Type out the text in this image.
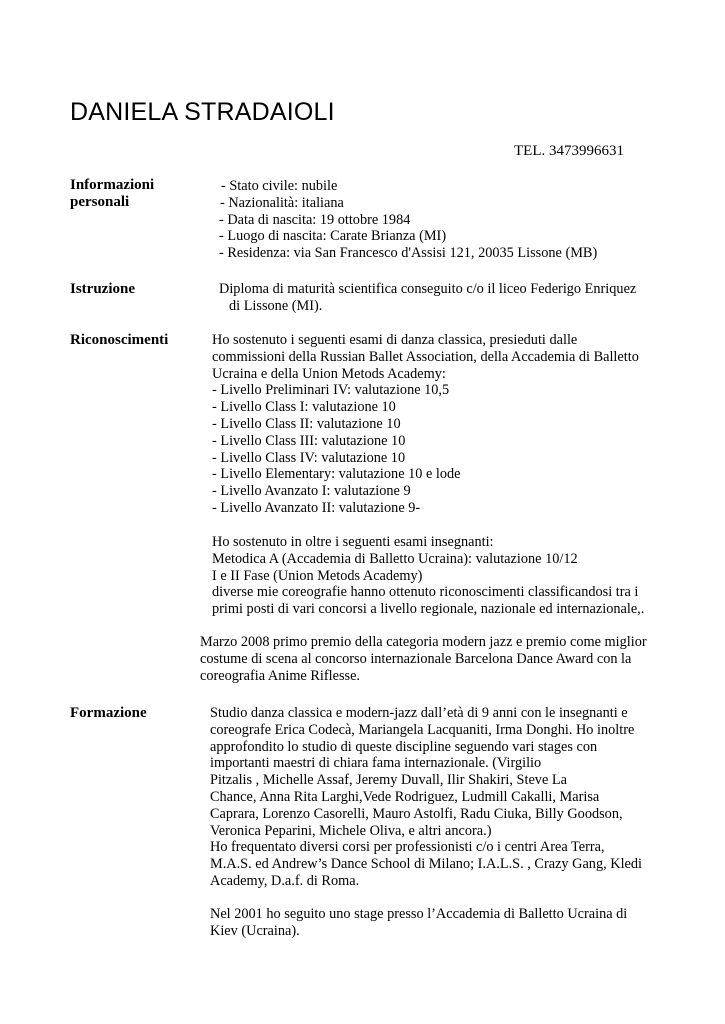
DANIELA STRADAIOLI
TEL. 3473996631
Informazioni
personali
- Stato civile: nubile
- Nazionalità: italiana
- Data di nascita: 19 ottobre 1984
- Luogo di nascita: Carate Brianza (MI)
- Residenza: via San Francesco d'Assisi 121, 20035 Lissone (MB)
Istruzione	Diploma di maturità scientifica conseguito c/o il liceo Federigo Enriquez
di Lissone (MI).
Riconoscimenti	Ho sostenuto i seguenti esami di danza classica, presieduti dalle
commissioni della Russian Ballet Association, della Accademia di Balletto
Ucraina e della Union Metods Academy:
- Livello Preliminari IV: valutazione 10,5
- Livello Class I: valutazione 10
- Livello Class II: valutazione 10
- Livello Class III: valutazione 10
- Livello Class IV: valutazione 10
- Livello Elementary: valutazione 10 e lode
- Livello Avanzato I: valutazione 9
- Livello Avanzato II: valutazione 9-
Ho sostenuto in oltre i seguenti esami insegnanti:
Metodica A (Accademia di Balletto Ucraina): valutazione 10/12
I e II Fase (Union Metods Academy)
diverse mie coreografie hanno ottenuto riconoscimenti classificandosi tra i
primi posti di vari concorsi a livello regionale, nazionale ed internazionale,.
Marzo 2008 primo premio della categoria modern jazz e premio come miglior
costume di scena al concorso internazionale Barcelona Dance Award con la
coreografia Anime Riflesse.
Formazione	Studio danza classica e modern-jazz dall’età di 9 anni con le insegnanti e
coreografe Erica Codecà, Mariangela Lacquaniti, Irma Donghi. Ho inoltre
approfondito lo studio di queste discipline seguendo vari stages con
importanti maestri di chiara fama internazionale. (Virgilio
Pitzalis , Michelle Assaf, Jeremy Duvall, Ilir Shakiri, Steve La
Chance, Anna Rita Larghi,Vede Rodriguez, Ludmill Cakalli, Marisa
Caprara, Lorenzo Casorelli, Mauro Astolfi, Radu Ciuka, Billy Goodson,
Veronica Peparini, Michele Oliva, e altri ancora.)
Ho frequentato diversi corsi per professionisti c/o i centri Area Terra,
M.A.S. ed Andrew’s Dance School di Milano; I.A.L.S. , Crazy Gang, Kledi
Academy, D.a.f. di Roma.
Nel 2001 ho seguito uno stage presso l’Accademia di Balletto Ucraina di
Kiev (Ucraina).
